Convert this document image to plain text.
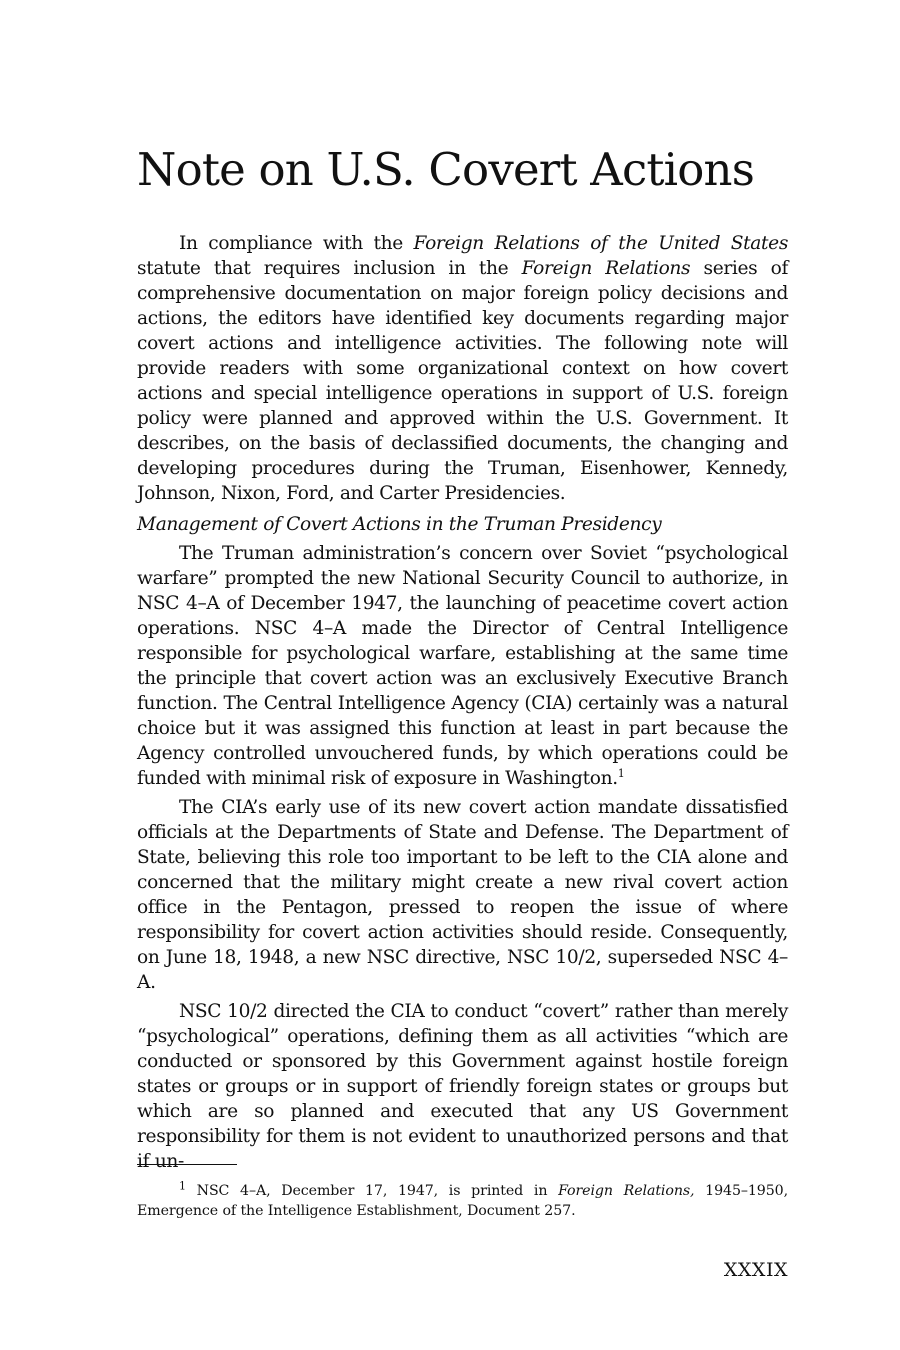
Note on U.S. Covert Actions

In compliance with the Foreign Relations of the United States statute that requires inclusion in the Foreign Relations series of comprehensive documentation on major foreign policy decisions and actions, the editors have identified key documents regarding major covert actions and intelligence activities. The following note will provide readers with some organizational context on how covert actions and special intelligence operations in support of U.S. foreign policy were planned and approved within the U.S. Government. It describes, on the basis of declassified documents, the changing and developing procedures during the Truman, Eisenhower, Kennedy, Johnson, Nixon, Ford, and Carter Presidencies.

Management of Covert Actions in the Truman Presidency

The Truman administration’s concern over Soviet “psychological warfare” prompted the new National Security Council to authorize, in NSC 4–A of December 1947, the launching of peacetime covert action operations. NSC 4–A made the Director of Central Intelligence responsible for psychological warfare, establishing at the same time the principle that covert action was an exclusively Executive Branch function. The Central Intelligence Agency (CIA) certainly was a natural choice but it was assigned this function at least in part because the Agency controlled unvouchered funds, by which operations could be funded with minimal risk of exposure in Washington.$^1$

The CIA’s early use of its new covert action mandate dissatisfied officials at the Departments of State and Defense. The Department of State, believing this role too important to be left to the CIA alone and concerned that the military might create a new rival covert action office in the Pentagon, pressed to reopen the issue of where responsibility for covert action activities should reside. Consequently, on June 18, 1948, a new NSC directive, NSC 10/2, superseded NSC 4–A.

NSC 10/2 directed the CIA to conduct “covert” rather than merely “psychological” operations, defining them as all activities “which are conducted or sponsored by this Government against hostile foreign states or groups or in support of friendly foreign states or groups but which are so planned and executed that any US Government responsibility for them is not evident to unauthorized persons and that if un-

$^1$ NSC 4–A, December 17, 1947, is printed in Foreign Relations, 1945–1950, Emergence of the Intelligence Establishment, Document 257.

XXXIX
